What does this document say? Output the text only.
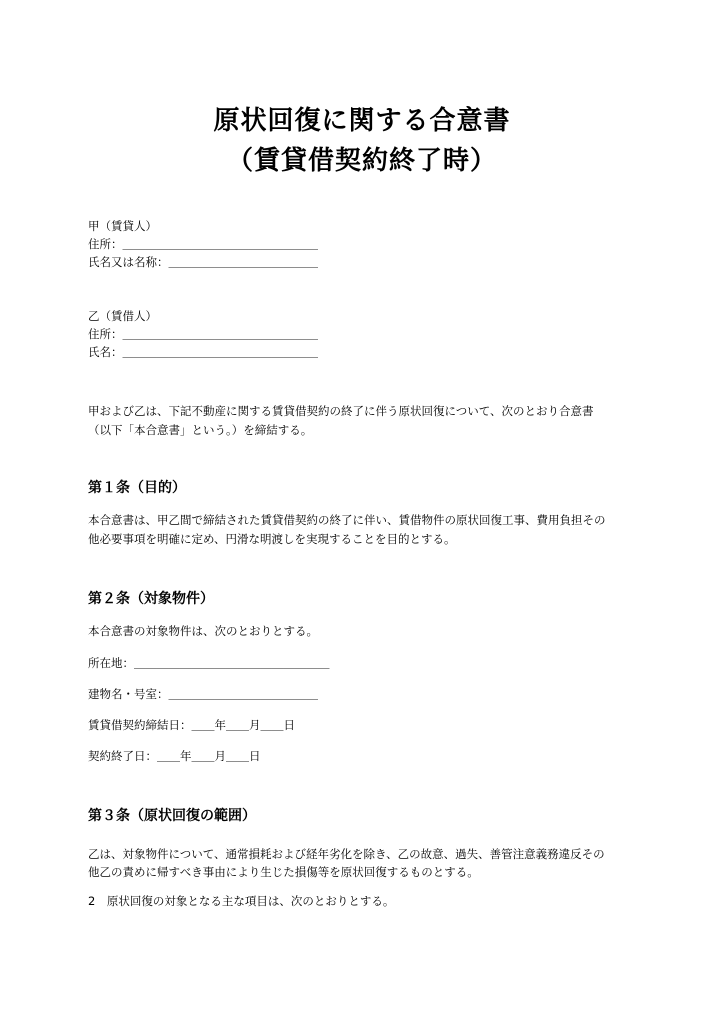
原状回復に関する合意書
（賃貸借契約終了時）

甲（賃貸人）

住所：＿＿＿＿＿＿＿＿＿＿＿＿＿＿＿＿＿

氏名又は名称：＿＿＿＿＿＿＿＿＿＿＿＿＿

乙（賃借人）

住所：＿＿＿＿＿＿＿＿＿＿＿＿＿＿＿＿＿

氏名：＿＿＿＿＿＿＿＿＿＿＿＿＿＿＿＿＿

甲および乙は、下記不動産に関する賃貸借契約の終了に伴う原状回復について、次のとおり合意書

（以下「本合意書」という。）を締結する。

第１条（目的）

本合意書は、甲乙間で締結された賃貸借契約の終了に伴い、賃借物件の原状回復工事、費用負担その

他必要事項を明確に定め、円滑な明渡しを実現することを目的とする。

第２条（対象物件）

本合意書の対象物件は、次のとおりとする。

所在地：＿＿＿＿＿＿＿＿＿＿＿＿＿＿＿＿＿

建物名・号室：＿＿＿＿＿＿＿＿＿＿＿＿＿

賃貸借契約締結日：＿＿年＿＿月＿＿日

契約終了日：＿＿年＿＿月＿＿日

第３条（原状回復の範囲）

乙は、対象物件について、通常損耗および経年劣化を除き、乙の故意、過失、善管注意義務違反その

他乙の責めに帰すべき事由により生じた損傷等を原状回復するものとする。

2　原状回復の対象となる主な項目は、次のとおりとする。
